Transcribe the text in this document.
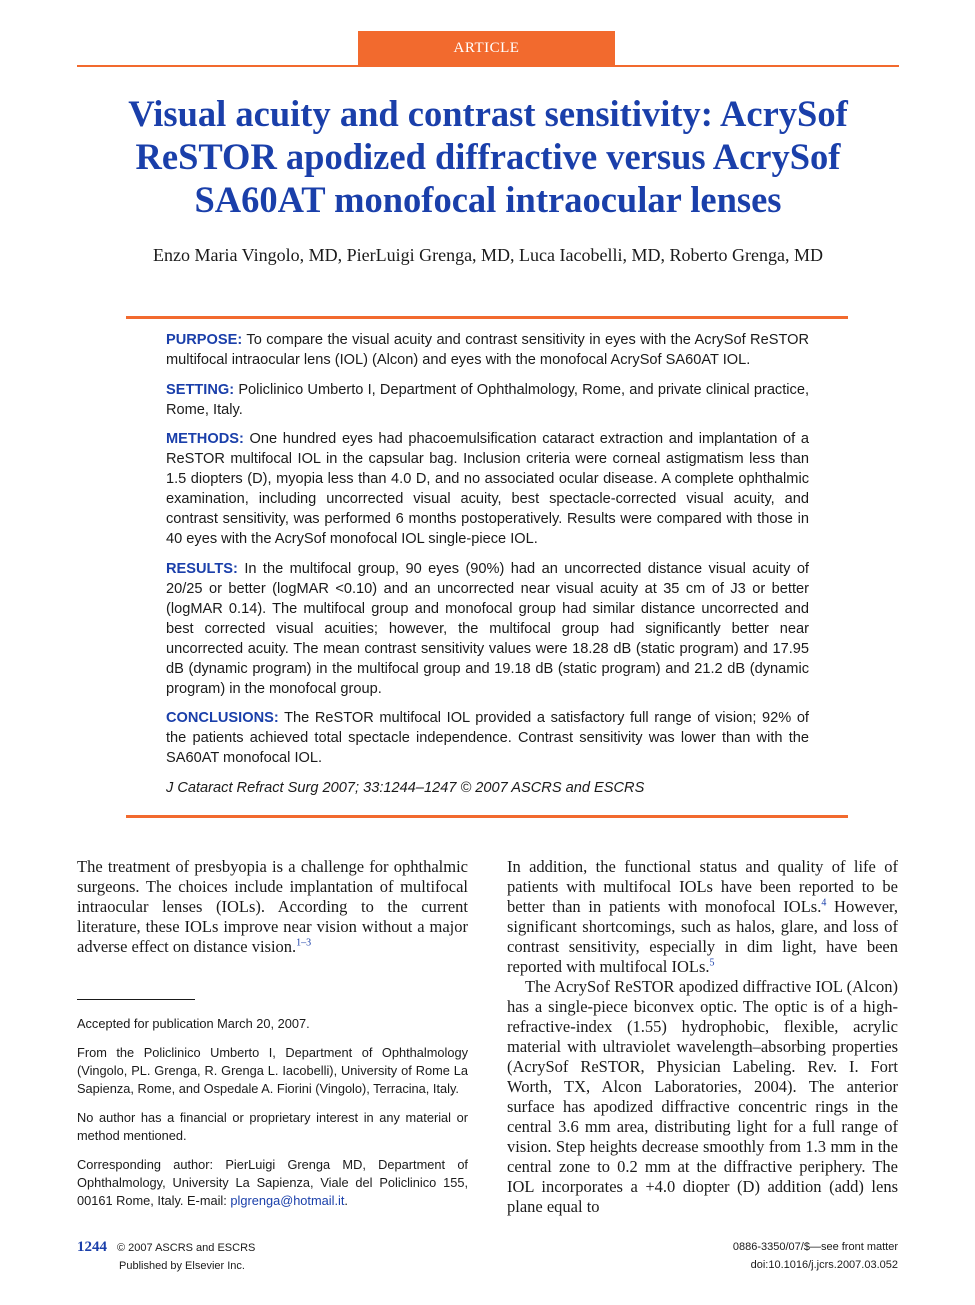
ARTICLE
Visual acuity and contrast sensitivity: AcrySof ReSTOR apodized diffractive versus AcrySof SA60AT monofocal intraocular lenses
Enzo Maria Vingolo, MD, PierLuigi Grenga, MD, Luca Iacobelli, MD, Roberto Grenga, MD

PURPOSE: To compare the visual acuity and contrast sensitivity in eyes with the AcrySof ReSTOR multifocal intraocular lens (IOL) (Alcon) and eyes with the monofocal AcrySof SA60AT IOL.

SETTING: Policlinico Umberto I, Department of Ophthalmology, Rome, and private clinical practice, Rome, Italy.

METHODS: One hundred eyes had phacoemulsification cataract extraction and implantation of a ReSTOR multifocal IOL in the capsular bag. Inclusion criteria were corneal astigmatism less than 1.5 diopters (D), myopia less than 4.0 D, and no associated ocular disease. A complete ophthalmic examination, including uncorrected visual acuity, best spectacle-corrected visual acuity, and contrast sensitivity, was performed 6 months postoperatively. Results were compared with those in 40 eyes with the AcrySof monofocal IOL single-piece IOL.

RESULTS: In the multifocal group, 90 eyes (90%) had an uncorrected distance visual acuity of 20/25 or better (logMAR <0.10) and an uncorrected near visual acuity at 35 cm of J3 or better (logMAR 0.14). The multifocal group and monofocal group had similar distance uncorrected and best corrected visual acuities; however, the multifocal group had significantly better near uncorrected acuity. The mean contrast sensitivity values were 18.28 dB (static program) and 17.95 dB (dynamic program) in the multifocal group and 19.18 dB (static program) and 21.2 dB (dynamic program) in the monofocal group.

CONCLUSIONS: The ReSTOR multifocal IOL provided a satisfactory full range of vision; 92% of the patients achieved total spectacle independence. Contrast sensitivity was lower than with the SA60AT monofocal IOL.

J Cataract Refract Surg 2007; 33:1244–1247 © 2007 ASCRS and ESCRS

The treatment of presbyopia is a challenge for ophthalmic surgeons. The choices include implantation of multifocal intraocular lenses (IOLs). According to the current literature, these IOLs improve near vision without a major adverse effect on distance vision.$^{1-3}$

Accepted for publication March 20, 2007.

From the Policlinico Umberto I, Department of Ophthalmology (Vingolo, PL. Grenga, R. Grenga L. Iacobelli), University of Rome La Sapienza, Rome, and Ospedale A. Fiorini (Vingolo), Terracina, Italy.

No author has a financial or proprietary interest in any material or method mentioned.

Corresponding author: PierLuigi Grenga MD, Department of Ophthalmology, University La Sapienza, Viale del Policlinico 155, 00161 Rome, Italy. E-mail: plgrenga@hotmail.it.

In addition, the functional status and quality of life of patients with multifocal IOLs have been reported to be better than in patients with monofocal IOLs.$^4$ However, significant shortcomings, such as halos, glare, and loss of contrast sensitivity, especially in dim light, have been reported with multifocal IOLs.$^5$

The AcrySof ReSTOR apodized diffractive IOL (Alcon) has a single-piece biconvex optic. The optic is of a high-refractive-index (1.55) hydrophobic, flexible, acrylic material with ultraviolet wavelength–absorbing properties (AcrySof ReSTOR, Physician Labeling. Rev. I. Fort Worth, TX, Alcon Laboratories, 2004). The anterior surface has apodized diffractive concentric rings in the central 3.6 mm area, distributing light for a full range of vision. Step heights decrease smoothly from 1.3 mm in the central zone to 0.2 mm at the diffractive periphery. The IOL incorporates a +4.0 diopter (D) addition (add) lens plane equal to

1244 © 2007 ASCRS and ESCRS
Published by Elsevier Inc.
0886-3350/07/$—see front matter
doi:10.1016/j.jcrs.2007.03.052
